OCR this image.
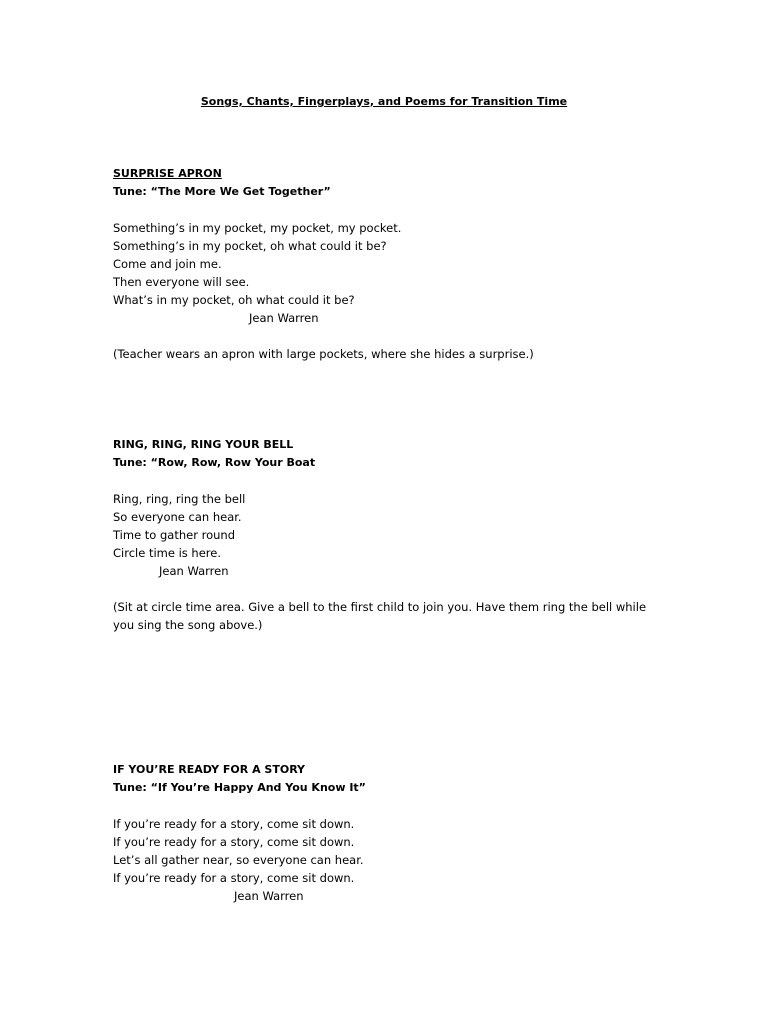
Songs, Chants, Fingerplays, and Poems for Transition Time
SURPRISE APRON
Tune: “The More We Get Together”
Something’s in my pocket, my pocket, my pocket.
Something’s in my pocket, oh what could it be?
Come and join me.
Then everyone will see.
What’s in my pocket, oh what could it be?
Jean Warren
(Teacher wears an apron with large pockets, where she hides a surprise.)
RING, RING, RING YOUR BELL
Tune: “Row, Row, Row Your Boat
Ring, ring, ring the bell
So everyone can hear.
Time to gather round
Circle time is here.
Jean Warren
(Sit at circle time area. Give a bell to the first child to join you. Have them ring the bell while you sing the song above.)
IF YOU’RE READY FOR A STORY
Tune: “If You’re Happy And You Know It”
If you’re ready for a story, come sit down.
If you’re ready for a story, come sit down.
Let’s all gather near, so everyone can hear.
If you’re ready for a story, come sit down.
Jean Warren
